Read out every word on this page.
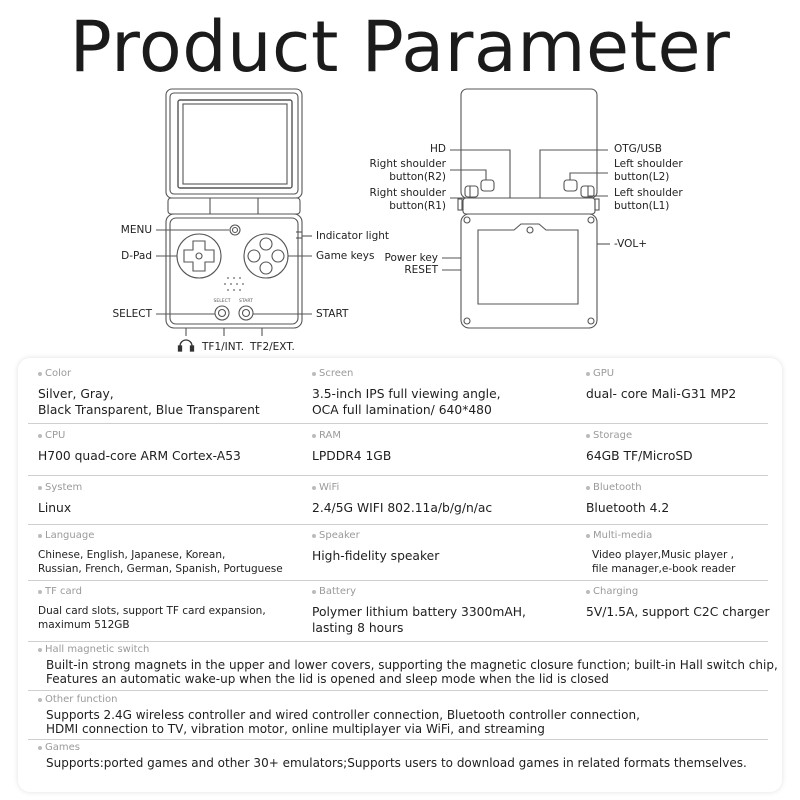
Product Parameter
SELECT START
MENU
D-Pad
SELECT
Indicator light
Game keys
START
TF1/INT. TF2/EXT.
HD
Right shoulder
button(R2)
Right shoulder
button(R1)
Power key
RESET
OTG/USB
Left shoulder
button(L2)
Left shoulder
button(L1)
-VOL+
Color
Silver, Gray,
Black Transparent, Blue Transparent
Screen
3.5-inch IPS full viewing angle,
OCA full lamination/ 640*480
GPU
dual- core Mali-G31 MP2
CPU
H700 quad-core ARM Cortex-A53
RAM
LPDDR4 1GB
Storage
64GB TF/MicroSD
System
Linux
WiFi
2.4/5G WIFI 802.11a/b/g/n/ac
Bluetooth
Bluetooth 4.2
Language
Chinese, English, Japanese, Korean,
Russian, French, German, Spanish, Portuguese
Speaker
High-fidelity speaker
Multi-media
Video player,Music player ,
file manager,e-book reader
TF card
Dual card slots, support TF card expansion,
maximum 512GB
Battery
Polymer lithium battery 3300mAH,
lasting 8 hours
Charging
5V/1.5A, support C2C charger
Hall magnetic switch
Built-in strong magnets in the upper and lower covers, supporting the magnetic closure function; built-in Hall switch chip,
Features an automatic wake-up when the lid is opened and sleep mode when the lid is closed
Other function
Supports 2.4G wireless controller and wired controller connection, Bluetooth controller connection,
HDMI connection to TV, vibration motor, online multiplayer via WiFi, and streaming
Games
Supports:ported games and other 30+ emulators;Supports users to download games in related formats themselves.
